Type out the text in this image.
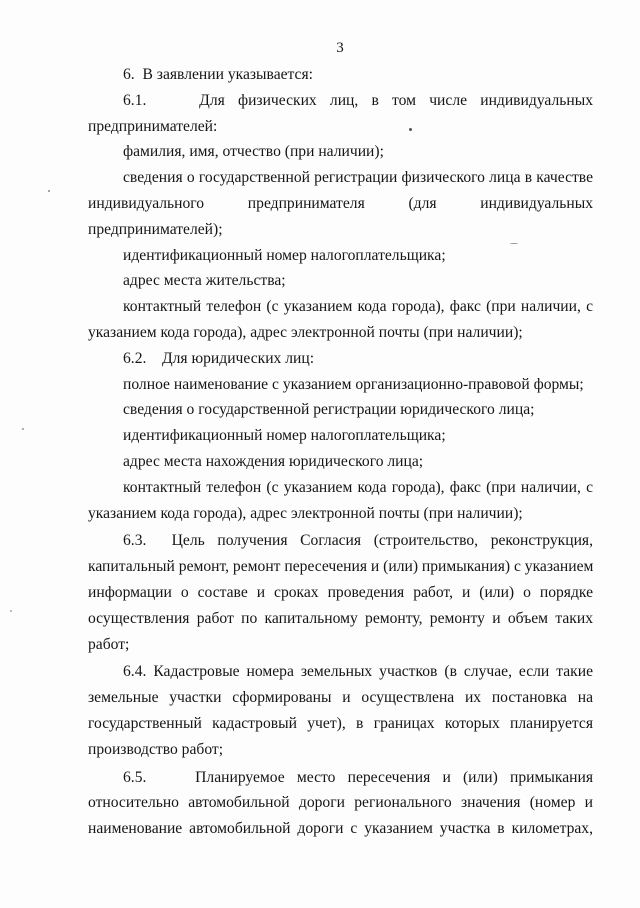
3
6.  В заявлении указывается:
6.1.    Для физических лиц, в том числе индивидуальных
предпринимателей:
фамилия, имя, отчество (при наличии);
сведения о государственной регистрации физического лица в качестве
индивидуального предпринимателя (для индивидуальных
предпринимателей);
идентификационный номер налогоплательщика;
адрес места жительства;
контактный телефон (с указанием кода города), факс (при наличии, с
указанием кода города), адрес электронной почты (при наличии);
6.2.    Для юридических лиц:
полное наименование с указанием организационно-правовой формы;
сведения о государственной регистрации юридического лица;
идентификационный номер налогоплательщика;
адрес места нахождения юридического лица;
контактный телефон (с указанием кода города), факс (при наличии, с
указанием кода города), адрес электронной почты (при наличии);
6.3.  Цель получения Согласия (строительство, реконструкция,
капитальный ремонт, ремонт пересечения и (или) примыкания) с указанием
информации о составе и сроках проведения работ, и (или) о порядке
осуществления работ по капитальному ремонту, ремонту и объем таких
работ;
6.4. Кадастровые номера земельных участков (в случае, если такие
земельные участки сформированы и осуществлена их постановка на
государственный кадастровый учет), в границах которых планируется
производство работ;
6.5.    Планируемое место пересечения и (или) примыкания
относительно автомобильной дороги регионального значения (номер и
наименование автомобильной дороги с указанием участка в километрах,
